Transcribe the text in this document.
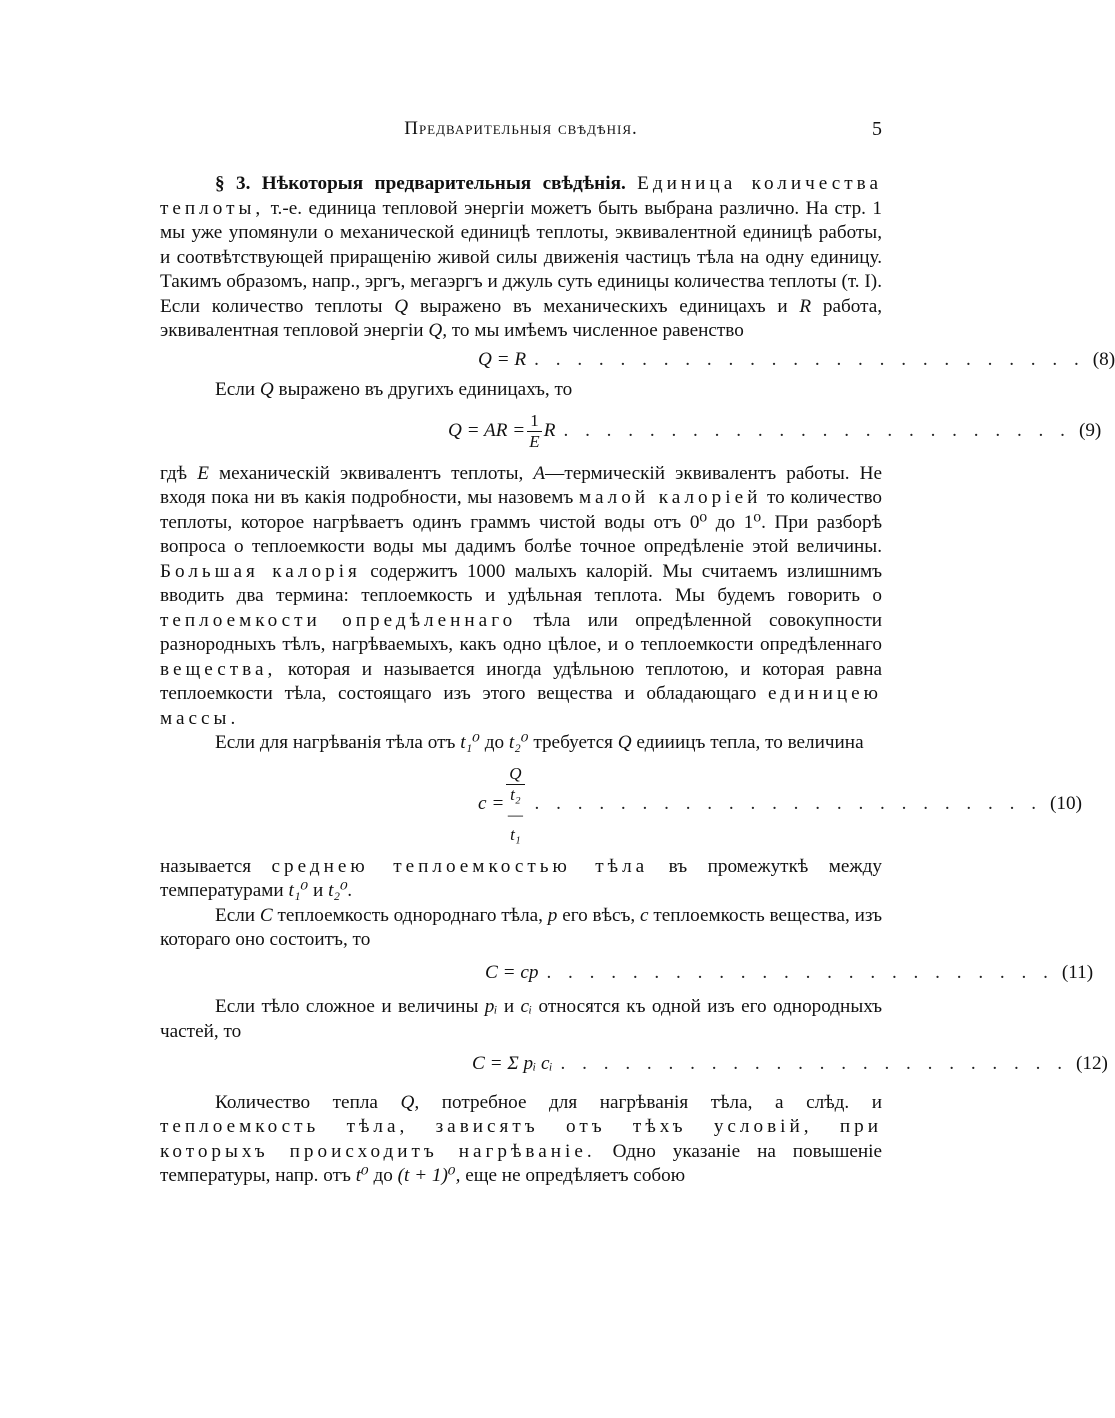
Предварительныя свѣдѣнія.	5

§ 3. Нѣкоторыя предварительныя свѣдѣнія. Единица количества теплоты, т.-е. единица тепловой энергіи можетъ быть выбрана различно. На стр. 1 мы уже упомянули о механической единицѣ теплоты, эквивалентной единицѣ работы, и соотвѣтствующей приращенію живой силы движенія частицъ тѣла на одну единицу. Такимъ образомъ, напр., эргъ, мегаэргъ и джуль суть единицы количества теплоты (т. I). Если количество теплоты Q выражено въ механическихъ единицахъ и R работа, эквивалентная тепловой энергіи Q, то мы имѣемъ численное равенство

Q = R . . . . . . . . . . . . . . . . . . . . . . . . . . (8)

Если Q выражено въ другихъ единицахъ, то

Q = AR = $\frac{1}{E}$ R . . . . . . . . . . . . . . . . . . . . . . . . (9)

гдѣ E механическій эквивалентъ теплоты, A—термическій эквивалентъ работы. Не входя пока ни въ какія подробности, мы назовемъ малой калоріей то количество теплоты, которое нагрѣваетъ одинъ граммъ чистой воды отъ 0⁰ до 1⁰. При разборѣ вопроса о теплоемкости воды мы дадимъ болѣе точное опредѣленіе этой величины. Большая калорія содержитъ 1000 малыхъ калорій. Мы считаемъ излишнимъ вводить два термина: теплоемкость и удѣльная теплота. Мы будемъ говорить о теплоемкости опредѣленнаго тѣла или опредѣленной совокупности разнородныхъ тѣлъ, нагрѣваемыхъ, какъ одно цѣлое, и о теплоемкости опредѣленнаго вещества, которая и называется иногда удѣльною теплотою, и которая равна теплоемкости тѣла, состоящаго изъ этого вещества и обладающаго единицею массы.

Если для нагрѣванія тѣла отъ t₁⁰ до t₂⁰ требуется Q едииицъ тепла, то величина

$c = \frac{Q}{\text{t₂—t₁}}$ . . . . . . . . . . . . . . . . . . . . . . . . (10)

называется среднею теплоемкостью тѣла въ промежуткѣ между температурами t₁⁰ и t₂⁰.

Если C теплоемкость однороднаго тѣла, p его вѣсъ, c теплоемкость вещества, изъ котораго оно состоитъ, то

C = cp . . . . . . . . . . . . . . . . . . . . . . . . (11)

Если тѣло сложное и величины pᵢ и cᵢ относятся къ одной изъ его однородныхъ частей, то

C = Σ pᵢ cᵢ . . . . . . . . . . . . . . . . . . . . . . . . (12)

Количество тепла Q, потребное для нагрѣванія тѣла, а слѣд. и теплоемкость тѣла, зависятъ отъ тѣхъ условій, при которыхъ происходитъ нагрѣваніе. Одно указаніе на повышеніе температуры, напр. отъ t⁰ до (t + 1)⁰, еще не опредѣляетъ собою
